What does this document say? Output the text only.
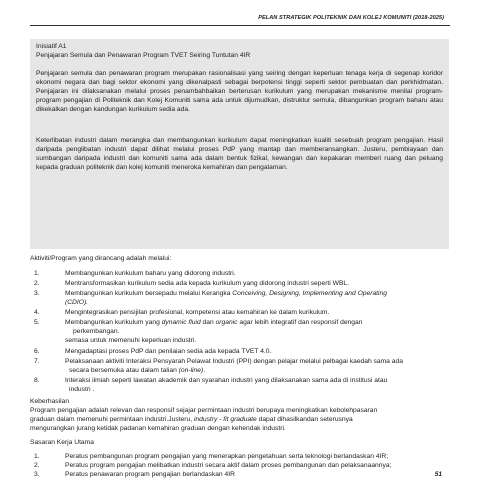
PELAN STRATEGIK POLITEKNIK DAN KOLEJ KOMUNITI (2018-2025)

Inisiatif A1

Penjajaran Semula dan Penawaran Program TVET Seiring Tuntutan 4IR

Penjajaran semula dan penawaran program merupakan rasionalisasi yang seiring dengan keperluan tenaga kerja di segenap koridor ekonomi negara dan bagi sektor ekonomi yang dikenalpasti sebagai berpotensi tinggi seperti sektor pembuatan dan perkhidmatan. Penjajaran ini dilaksanakan melalui proses penambahbaikan berterusan kurikulum yang merupakan mekanisme menilai program-program pengajian di Politeknik dan Kolej Komuniti sama ada untuk dijumudkan, distruktur semula, dibangunkan program baharu atau dikekalkan dengan kandungan kurikulum sedia ada.

Keterlibatan industri dalam merangka dan membangunkan kurikulum dapat meningkatkan kualiti sesebuah program pengajian. Hasil daripada penglibatan industri dapat dilihat melalui proses PdP yang mantap dan memberansangkan. Justeru, pembiayaan dan sumbangan daripada industri dan komuniti sama ada dalam bentuk fizikal, kewangan dan kepakaran memberi ruang dan peluang kepada graduan politeknik dan kolej komuniti meneroka kemahiran dan pengalaman.

Aktiviti/Program yang dirancang adalah melalui:
1.	Membangunkan kurikulum baharu yang didorong industri.
2.	Mentransformasikan kurikulum sedia ada kepada kurikulum yang didorong industri seperti WBL.
3.	Membangunkan kurikulum bersepadu melalui Kerangka Conceiving, Designing, Implementing and Operating
(CDIO).
4.	Mengintegrasikan pensijilan profesional, kompetensi atau kemahiran ke dalam kurikulum.
5.	Membangunkan kurikulum yang dynamic fluid dan organic agar lebih integratif dan responsif dengan
perkembangan.
semasa untuk memenuhi keperluan industri.
6.	Mengadaptasi proses PdP dan penilaian sedia ada kepada TVET 4.0.
7.	Pelaksanaan aktiviti Interaksi Pensyarah Pelawat Industri (PPI) dengan pelajar melalui pelbagai kaedah sama ada
secara bersemuka atau dalam talian (on-line).
8.	Interaksi ilmiah seperti lawatan akademik dan syarahan industri yang dilaksanakan sama ada di institusi atau
industri .
Keberhasilan
Program pengajian adalah relevan dan responsif sejajar permintaan industri berupaya meningkatkan kebolehpasaran
graduan dalam memenuhi permintaan industri.Justeru, industry - fit graduate dapat dihasilkandan seterusnya
mengurangkan jurang ketidak padanan kemahiran graduan dengan kehendak industri.
Sasaran Kerja Utama
1.	Peratus pembangunan program pengajian yang menerapkan pengetahuan serta teknologi berlandaskan 4IR;
2.	Peratus program pengajian melibatkan industri secara aktif dalam proses pembangunan dan pelaksanaannya;
3.	Peratus penawaran program pengajian berlandaskan 4IR	51
